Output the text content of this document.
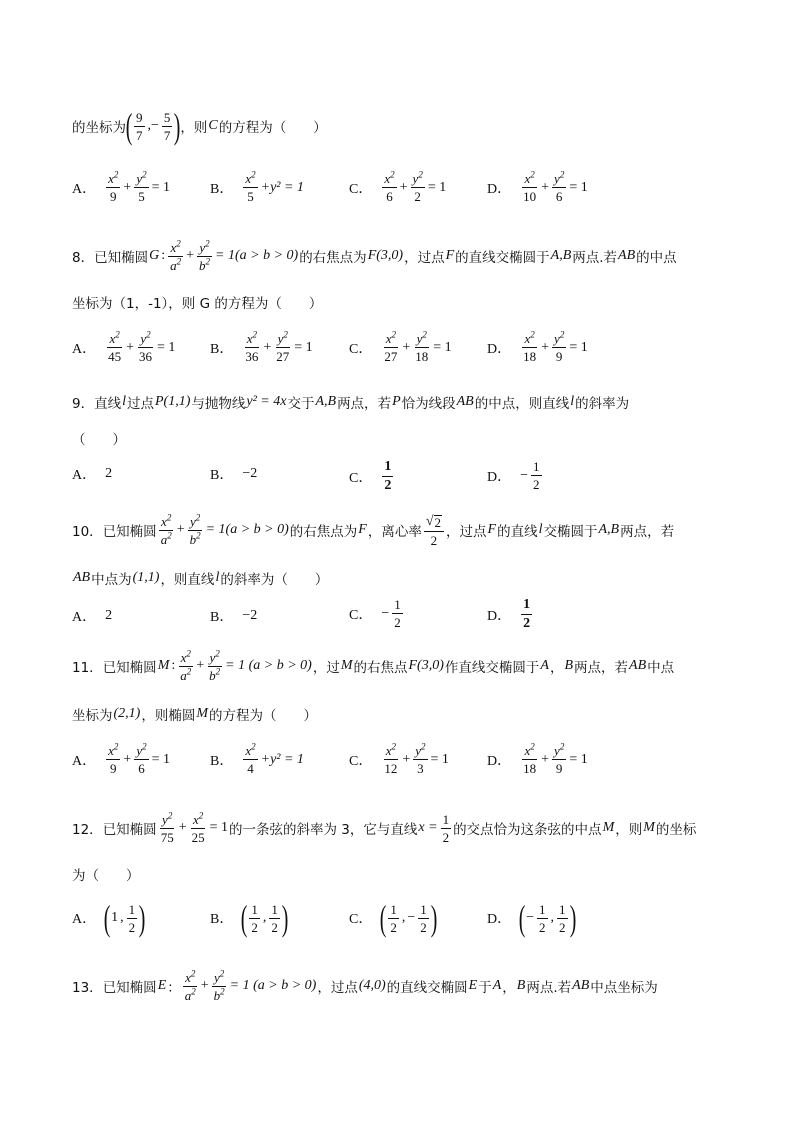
的坐标为 ( $\frac{9}{7}$ ,− $\frac{5}{7}$ ) ，则 C 的方程为（　　）
A． $\frac{x^2}{9} + \frac{y^2}{5} = 1$	B． $\frac{x^2}{5} +y^2 = 1$	C． $\frac{x^2}{6} + \frac{y^2}{2} = 1$	D． $\frac{x^2}{10} + \frac{y^2}{6} = 1$
8． 已知椭圆 G : $\frac{x^2}{a^2} + \frac{y^2}{b^2} = 1(a > b > 0)$ 的右焦点为 F(3,0) ，过点 F 的直线交椭圆于 A,B 两点.若 AB 的中点
坐标为（1，-1），则 G 的方程为（　　）
A． $\frac{x^2}{45} + \frac{y^2}{36} = 1$ B． $\frac{x^2}{36} + \frac{y^2}{27} = 1$	C． $\frac{x^2}{27} + \frac{y^2}{18} = 1$	D． $\frac{x^2}{18} + \frac{y^2}{9} = 1$
9． 直线 l 过点 P(1,1) 与抛物线 y² = 4x 交于 A,B 两点，若 P 恰为线段 AB 的中点，则直线 l 的斜率为
（　　）
A． 2	B． −2	C． $\frac{1}{2}$	D． − $\frac{1}{2}$
10． 已知椭圆 $\frac{x^2}{a^2} + \frac{y^2}{b^2} = 1(a > b > 0)$ 的右焦点为 F ，离心率 $\frac{√ 2}{2}$ ，过点 F 的直线 l 交椭圆于 A,B 两点，若
AB 中点为 (1,1) ，则直线 l 的斜率为（　　）
A． 2	B． −2	C． − $\frac{1}{2}$	D． $\frac{1}{2}$
11． 已知椭圆 M : $\frac{x^2}{a^2} + \frac{y^2}{b^2} = 1$ (a > b > 0) ，过 M 的右焦点 F(3,0) 作直线交椭圆于 A ， B 两点，若 AB 中点
坐标为 (2,1) ，则椭圆 M 的方程为（　　）
A． $\frac{x^2}{9} + \frac{y^2}{6} = 1$	B． $\frac{x^2}{4} +y^2 = 1$	C． $\frac{x^2}{12} + \frac{y^2}{3} = 1$	D． $\frac{x^2}{18} + \frac{y^2}{9} = 1$
12． 已知椭圆 $\frac{y^2}{75} + \frac{x^2}{25} = 1$ 的一条弦的斜率为 3，它与直线 $x = \frac{1}{2}$ 的交点恰为这条弦的中点 M ，则 M 的坐标
为（　　）
A． ( 1 , $\frac{1}{2}$ )	B． ( $\frac{1}{2}$ , $\frac{1}{2}$ )	C． ( $\frac{1}{2}$ , − $\frac{1}{2}$ )	D． ( − $\frac{1}{2}$ , $\frac{1}{2}$ )
13． 已知椭圆 E ： $\frac{x^2}{a^2} + \frac{y^2}{b^2} = 1$ (a > b > 0) ，过点 (4,0) 的直线交椭圆 E 于 A ， B 两点.若 AB 中点坐标为
